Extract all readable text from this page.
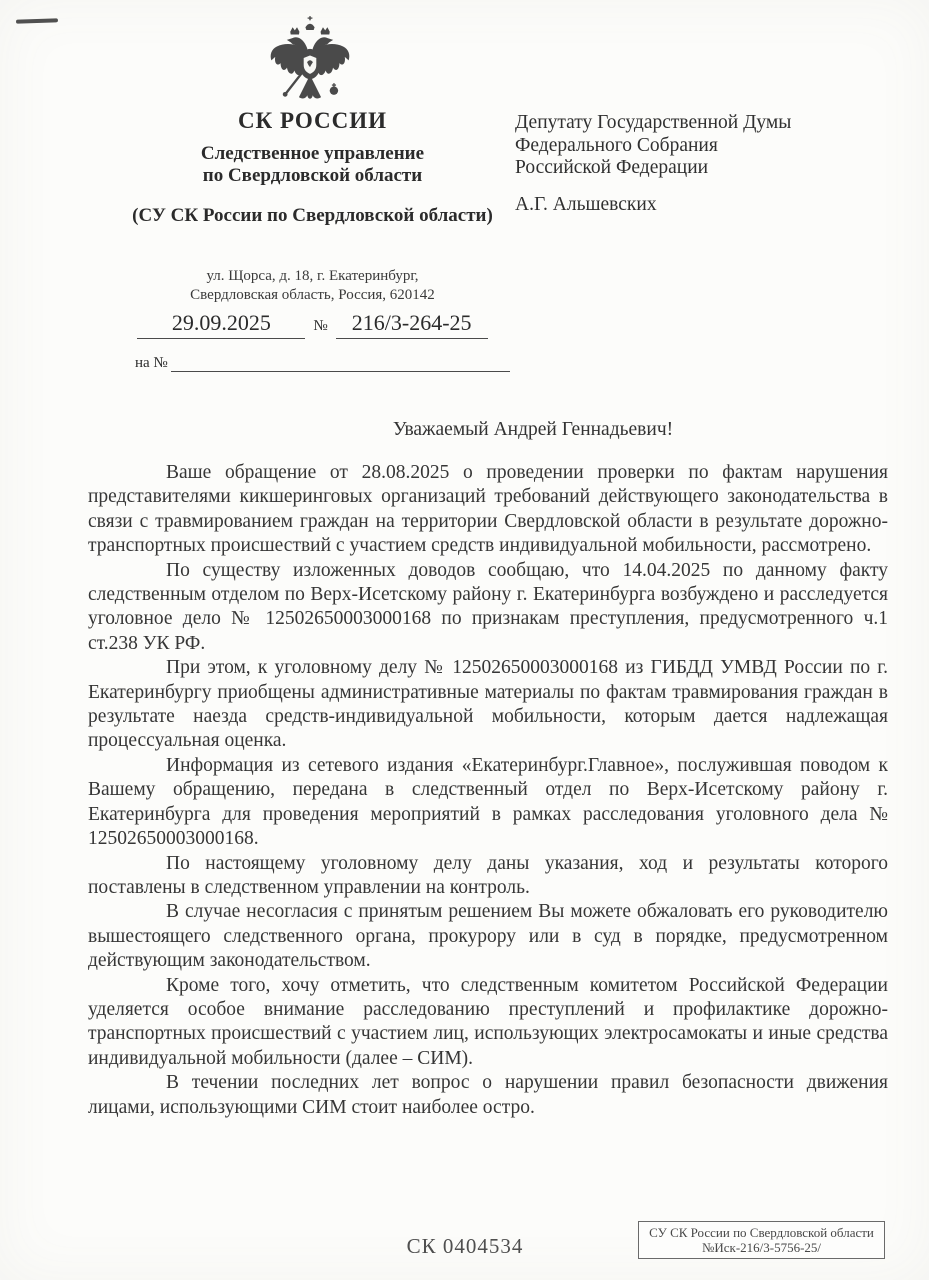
СК РОССИИ
Следственное управление
по Свердловской области
(СУ СК России по Свердловской области)
ул. Щорса, д. 18, г. Екатеринбург,
Свердловская область, Россия, 620142
29.09.2025	№	216/3-264-25
на №
Депутату Государственной Думы
Федерального Собрания
Российской Федерации
А.Г. Альшевских
Уважаемый Андрей Геннадьевич!

Ваше обращение от 28.08.2025 о проведении проверки по фактам нарушения представителями кикшеринговых организаций требований действующего законодательства в связи с травмированием граждан на территории Свердловской области в результате дорожно-транспортных происшествий с участием средств индивидуальной мобильности, рассмотрено.

По существу изложенных доводов сообщаю, что 14.04.2025 по данному факту следственным отделом по Верх-Исетскому району г. Екатеринбурга возбуждено и расследуется уголовное дело № 12502650003000168 по признакам преступления, предусмотренного ч.1 ст.238 УК РФ.

При этом, к уголовному делу № 12502650003000168 из ГИБДД УМВД России по г. Екатеринбургу приобщены административные материалы по фактам травмирования граждан в результате наезда средств-индивидуальной мобильности, которым дается надлежащая процессуальная оценка.

Информация из сетевого издания «Екатеринбург.Главное», послужившая поводом к Вашему обращению, передана в следственный отдел по Верх-Исетскому району г. Екатеринбурга для проведения мероприятий в рамках расследования уголовного дела № 12502650003000168.

По настоящему уголовному делу даны указания, ход и результаты которого поставлены в следственном управлении на контроль.

В случае несогласия с принятым решением Вы можете обжаловать его руководителю вышестоящего следственного органа, прокурору или в суд в порядке, предусмотренном действующим законодательством.

Кроме того, хочу отметить, что следственным комитетом Российской Федерации уделяется особое внимание расследованию преступлений и профилактике дорожно-транспортных происшествий с участием лиц, использующих электросамокаты и иные средства индивидуальной мобильности (далее – СИМ).

В течении последних лет вопрос о нарушении правил безопасности движения лицами, использующими СИМ стоит наиболее остро.

СК 0404534
СУ СК России по Свердловской области
№Иск-216/3-5756-25/
